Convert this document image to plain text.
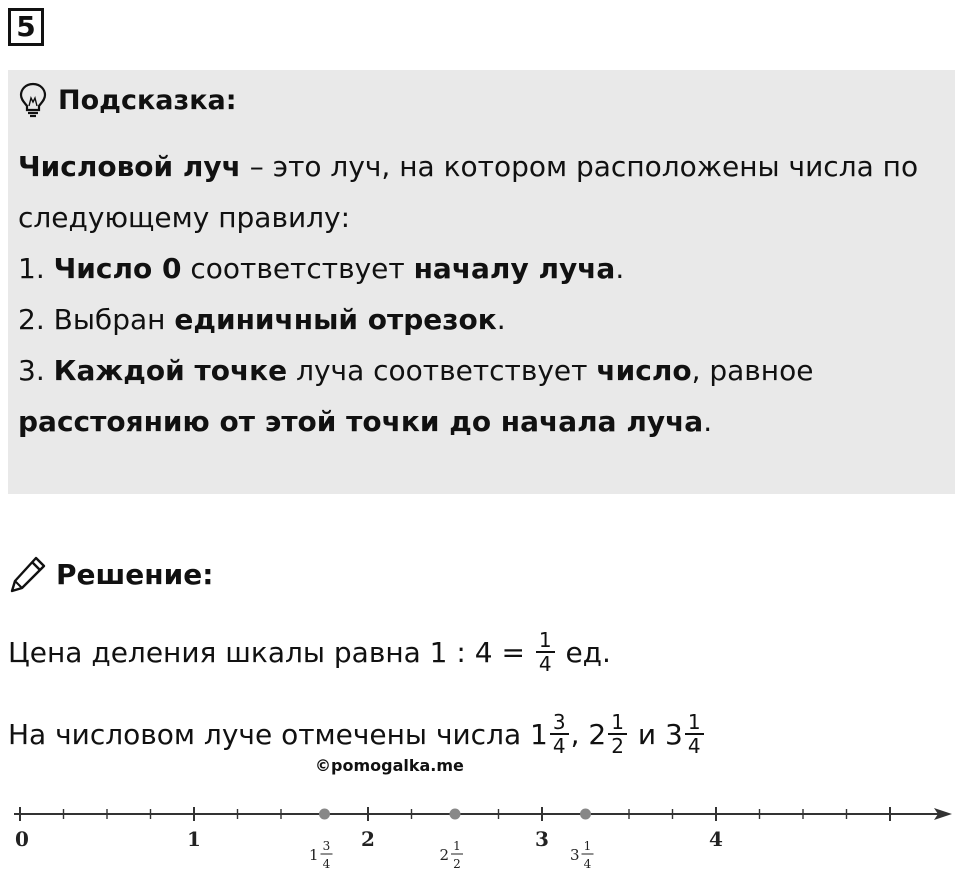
5
Подсказка:
Числовой луч – это луч, на котором расположены числа по
следующему правилу:
1. Число 0 соответствует началу луча.
2. Выбран единичный отрезок.
3. Каждой точке луча соответствует число, равное
расстоянию от этой точки до начала луча.
Решение:
Цена деления шкалы равна 1 : $4 = \frac{1}{4}$ ед.
На числовом луче отмечены числа $1 \frac{3}{4}$ , $2 \frac{1}{2}$ и $3 \frac{1}{4}$
©pomogalka.me
0	1	2	3	4
1 3
4	2 1
2	3 1
4
